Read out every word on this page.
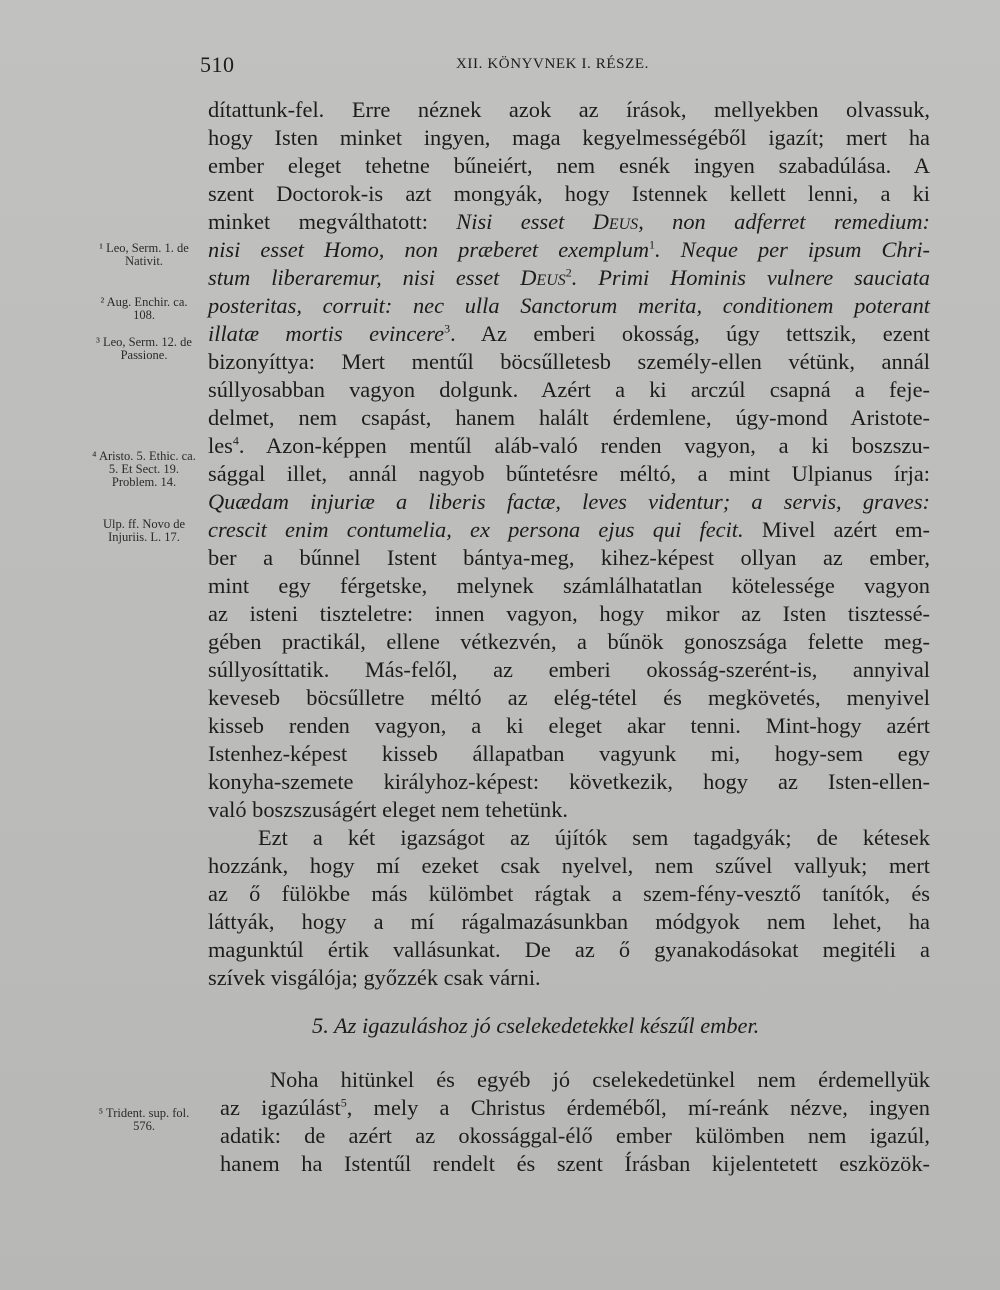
510	XII. KÖNYVNEK I. RÉSZE.
dítattunk-fel. Erre néznek azok az írások, mellyekben olvassuk,
hogy Isten minket ingyen, maga kegyelmességéből igazít; mert ha
ember eleget tehetne bűneiért, nem esnék ingyen szabadúlása. A
szent Doctorok-is azt mongyák, hogy Istennek kellett lenni, a ki
minket megválthatott: Nisi esset Deus, non adferret remedium:
nisi esset Homo, non præberet exemplum$^1$. Neque per ipsum Chri-
stum liberaremur, nisi esset Deus$^2$. Primi Hominis vulnere sauciata
posteritas, corruit: nec ulla Sanctorum merita, conditionem poterant
illatæ mortis evincere$^3$. Az emberi okosság, úgy tettszik, ezent
bizonyíttya: Mert mentűl böcsűlletesb személy-ellen vétünk, annál
súllyosabban vagyon dolgunk. Azért a ki arczúl csapná a feje-
delmet, nem csapást, hanem halált érdemlene, úgy-mond Aristote-
les$^4$. Azon-képpen mentűl aláb-való renden vagyon, a ki boszszu-
sággal illet, annál nagyob bűntetésre méltó, a mint Ulpianus írja:
Quædam injuriæ a liberis factæ, leves videntur; a servis, graves:
crescit enim contumelia, ex persona ejus qui fecit. Mivel azért em-
ber a bűnnel Istent bántya-meg, kihez-képest ollyan az ember,
mint egy férgetske, melynek számlálhatatlan kötelessége vagyon
az isteni tiszteletre: innen vagyon, hogy mikor az Isten tisztessé-
gében practikál, ellene vétkezvén, a bűnök gonoszsága felette meg-
súllyosíttatik. Más-felől, az emberi okosság-szerént-is, annyival
keveseb böcsűlletre méltó az elég-tétel és megkövetés, menyivel
kisseb renden vagyon, a ki eleget akar tenni. Mint-hogy azért
Istenhez-képest kisseb állapatban vagyunk mi, hogy-sem egy
konyha-szemete királyhoz-képest: következik, hogy az Isten-ellen-
való boszszuságért eleget nem tehetünk.
Ezt a két igazságot az újítók sem tagadgyák; de kétesek
hozzánk, hogy mí ezeket csak nyelvel, nem szűvel vallyuk; mert
az ő fülökbe más külömbet rágtak a szem-fény-vesztő tanítók, és
láttyák, hogy a mí rágalmazásunkban módgyok nem lehet, ha
magunktúl értik vallásunkat. De az ő gyanakodásokat megitéli a
szívek visgálója; győzzék csak várni.
5. Az igazuláshoz jó cselekedetekkel készűl ember.
Noha hitünkel és egyéb jó cselekedetünkel nem érdemellyük
az igazúlást$^5$, mely a Christus érdeméből, mí-reánk nézve, ingyen
adatik: de azért az okossággal-élő ember külömben nem igazúl,
hanem ha Istentűl rendelt és szent Írásban kijelentetett eszközök-
¹ Leo, Serm. 1. de Nativit.
² Aug. Enchir. ca. 108.
³ Leo, Serm. 12. de Passione.
⁴ Aristo. 5. Ethic. ca. 5. Et Sect. 19. Problem. 14.
Ulp. ff. Novo de Injuriis. L. 17.
⁵ Trident. sup. fol. 576.
